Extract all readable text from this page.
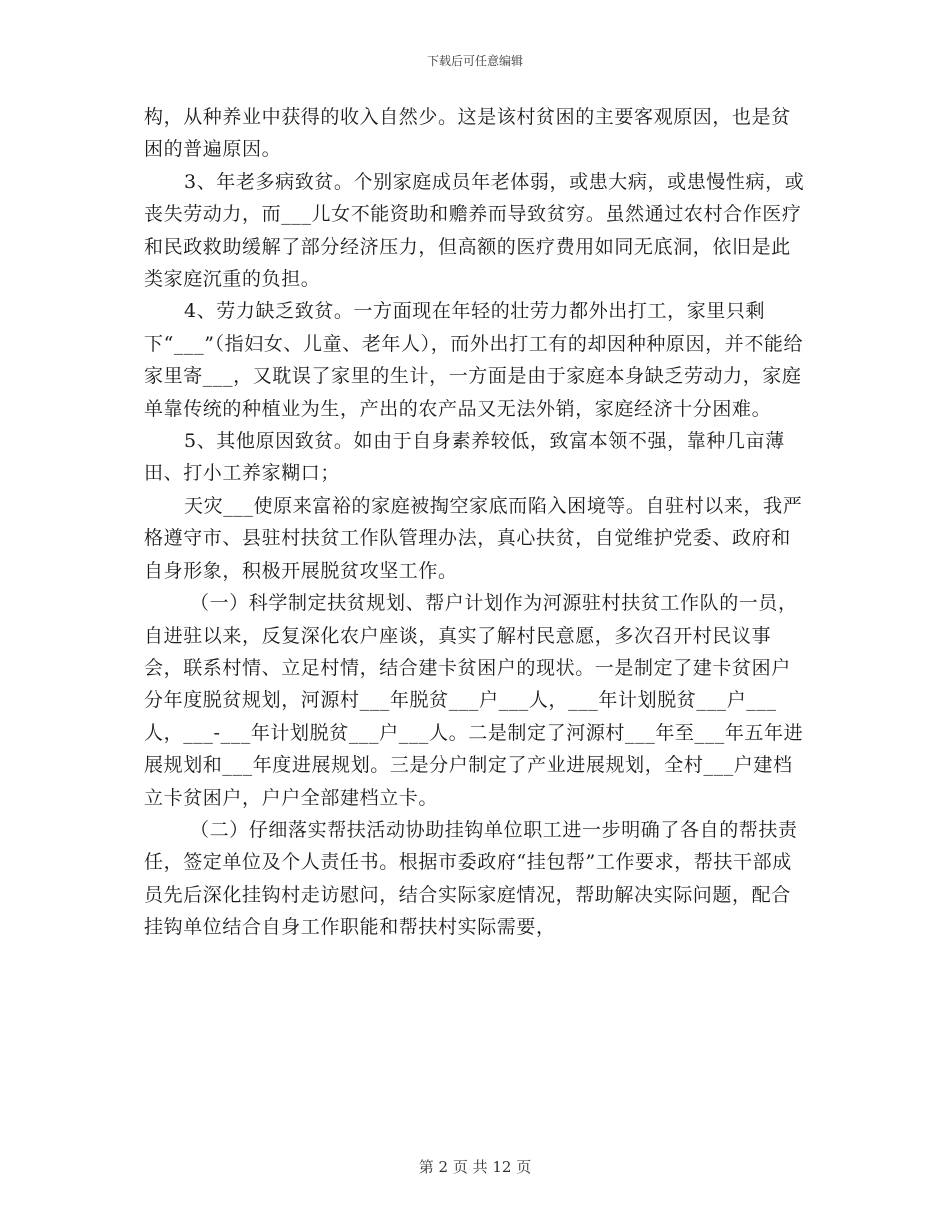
下载后可任意编辑

构，从种养业中获得的收入自然少。这是该村贫困的主要客观原因，也是贫困的普遍原因。

3、年老多病致贫。个别家庭成员年老体弱，或患大病，或患慢性病，或丧失劳动力，而___儿女不能资助和赡养而导致贫穷。虽然通过农村合作医疗和民政救助缓解了部分经济压力，但高额的医疗费用如同无底洞，依旧是此类家庭沉重的负担。

4、劳力缺乏致贫。一方面现在年轻的壮劳力都外出打工，家里只剩下“___”（指妇女、儿童、老年人），而外出打工有的却因种种原因，并不能给家里寄___，又耽误了家里的生计，一方面是由于家庭本身缺乏劳动力，家庭单靠传统的种植业为生，产出的农产品又无法外销，家庭经济十分困难。

5、其他原因致贫。如由于自身素养较低，致富本领不强，靠种几亩薄田、打小工养家糊口；

天灾___使原来富裕的家庭被掏空家底而陷入困境等。自驻村以来，我严格遵守市、县驻村扶贫工作队管理办法，真心扶贫，自觉维护党委、政府和自身形象，积极开展脱贫攻坚工作。

（一）科学制定扶贫规划、帮户计划作为河源驻村扶贫工作队的一员，自进驻以来，反复深化农户座谈，真实了解村民意愿，多次召开村民议事会，联系村情、立足村情，结合建卡贫困户的现状。一是制定了建卡贫困户分年度脱贫规划，河源村___年脱贫___户___人，___年计划脱贫___户___人，___-___年计划脱贫___户___人。二是制定了河源村___年至___年五年进展规划和___年度进展规划。三是分户制定了产业进展规划，全村___户建档立卡贫困户，户户全部建档立卡。

（二）仔细落实帮扶活动协助挂钩单位职工进一步明确了各自的帮扶责任，签定单位及个人责任书。根据市委政府“挂包帮”工作要求，帮扶干部成员先后深化挂钩村走访慰问，结合实际家庭情况，帮助解决实际问题，配合挂钩单位结合自身工作职能和帮扶村实际需要，

第 2 页 共 12 页
